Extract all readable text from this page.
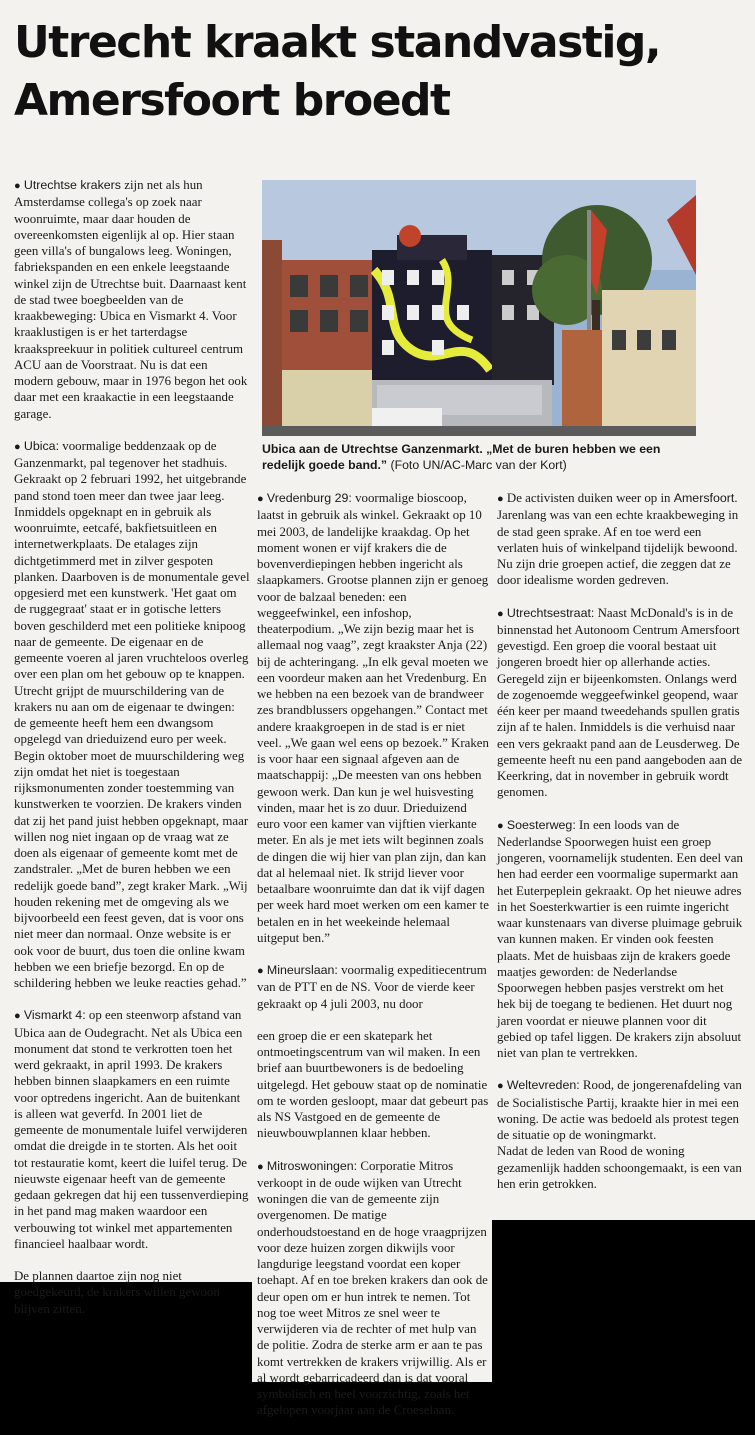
Utrecht kraakt standvastig,
Amersfoort broedt
Ubica aan de Utrechtse Ganzenmarkt. „Met de buren hebben we een redelijk goede band.” (Foto UN/AC-Marc van der Kort)

● Utrechtse krakers zijn net als hun Amsterdamse collega's op zoek naar woonruimte, maar daar houden de overeenkomsten eigenlijk al op. Hier staan geen villa's of bungalows leeg. Woningen, fabriekspanden en een enkele leegstaande winkel zijn de Utrechtse buit. Daarnaast kent de stad twee boegbeelden van de kraakbeweging: Ubica en Vismarkt 4. Voor kraaklustigen is er het tarterdagse kraakspreekuur in politiek cultureel centrum ACU aan de Voorstraat. Nu is dat een modern gebouw, maar in 1976 begon het ook daar met een kraakactie in een leegstaande garage.

● Ubica: voormalige beddenzaak op de Ganzenmarkt, pal tegenover het stadhuis. Gekraakt op 2 februari 1992, het uitgebrande pand stond toen meer dan twee jaar leeg. Inmiddels opgeknapt en in gebruik als woonruimte, eetcafé, bakfietsuitleen en internetwerkplaats. De etalages zijn dichtgetimmerd met in zilver gespoten planken. Daarboven is de monumentale gevel opgesierd met een kunstwerk. 'Het gaat om de ruggegraat' staat er in gotische letters boven geschilderd met een politieke knipoog naar de gemeente. De eigenaar en de gemeente voeren al jaren vruchteloos overleg over een plan om het gebouw op te knappen. Utrecht grijpt de muurschildering van de krakers nu aan om de eigenaar te dwingen: de gemeente heeft hem een dwangsom opgelegd van drieduizend euro per week. Begin oktober moet de muurschildering weg zijn omdat het niet is toegestaan rijksmonumenten zonder toestemming van kunstwerken te voorzien. De krakers vinden dat zij het pand juist hebben opgeknapt, maar willen nog niet ingaan op de vraag wat ze doen als eigenaar of gemeente komt met de zandstraler. „Met de buren hebben we een redelijk goede band”, zegt kraker Mark. „Wij houden rekening met de omgeving als we bijvoorbeeld een feest geven, dat is voor ons niet meer dan normaal. Onze website is er ook voor de buurt, dus toen die online kwam hebben we een briefje bezorgd. En op de schildering hebben we leuke reacties gehad.”

● Vismarkt 4: op een steenworp afstand van Ubica aan de Oudegracht. Net als Ubica een monument dat stond te verkrotten toen het werd gekraakt, in april 1993. De krakers hebben binnen slaapkamers en een ruimte voor optredens ingericht. Aan de buitenkant is alleen wat geverfd. In 2001 liet de gemeente de monumentale luifel verwijderen omdat die dreigde in te storten. Als het ooit tot restauratie komt, keert die luifel terug. De nieuwste eigenaar heeft van de gemeente gedaan gekregen dat hij een tussenverdieping in het pand mag maken waardoor een verbouwing tot winkel met appartementen financieel haalbaar wordt.

De plannen daartoe zijn nog niet goedgekeurd, de krakers willen gewoon blijven zitten.

● Vredenburg 29: voormalige bioscoop, laatst in gebruik als winkel. Gekraakt op 10 mei 2003, de landelijke kraakdag. Op het moment wonen er vijf krakers die de bovenverdiepingen hebben ingericht als slaapkamers. Grootse plannen zijn er genoeg voor de balzaal beneden: een weggeefwinkel, een infoshop, theaterpodium. „We zijn bezig maar het is allemaal nog vaag”, zegt kraakster Anja (22) bij de achteringang. „In elk geval moeten we een voordeur maken aan het Vredenburg. En we hebben na een bezoek van de brandweer zes brandblussers opgehangen.” Contact met andere kraakgroepen in de stad is er niet veel. „We gaan wel eens op bezoek.” Kraken is voor haar een signaal afgeven aan de maatschappij: „De meesten van ons hebben gewoon werk. Dan kun je wel huisvesting vinden, maar het is zo duur. Drieduizend euro voor een kamer van vijftien vierkante meter. En als je met iets wilt beginnen zoals de dingen die wij hier van plan zijn, dan kan dat al helemaal niet. Ik strijd liever voor betaalbare woonruimte dan dat ik vijf dagen per week hard moet werken om een kamer te betalen en in het weekeinde helemaal uitgeput ben.”

● Mineurslaan: voormalig expeditiecentrum van de PTT en de NS. Voor de vierde keer gekraakt op 4 juli 2003, nu door

een groep die er een skatepark het ontmoetingscentrum van wil maken. In een brief aan buurtbewoners is de bedoeling uitgelegd. Het gebouw staat op de nominatie om te worden gesloopt, maar dat gebeurt pas als NS Vastgoed en de gemeente de nieuwbouwplannen klaar hebben.

● Mitroswoningen: Corporatie Mitros verkoopt in de oude wijken van Utrecht woningen die van de gemeente zijn overgenomen. De matige onderhoudstoestand en de hoge vraagprijzen voor deze huizen zorgen dikwijls voor langdurige leegstand voordat een koper toehapt. Af en toe breken krakers dan ook de deur open om er hun intrek te nemen. Tot nog toe weet Mitros ze snel weer te verwijderen via de rechter of met hulp van de politie. Zodra de sterke arm er aan te pas komt vertrekken de krakers vrijwillig. Als er al wordt gebarricadeerd dan is dat vooral symbolisch en heel voorzichtig, zoals het afgelopen voorjaar aan de Croeselaan.

● De activisten duiken weer op in Amersfoort. Jarenlang was van een echte kraakbeweging in de stad geen sprake. Af en toe werd een verlaten huis of winkelpand tijdelijk bewoond. Nu zijn drie groepen actief, die zeggen dat ze door idealisme worden gedreven.

● Utrechtsestraat: Naast McDonald's is in de binnenstad het Autonoom Centrum Amersfoort gevestigd. Een groep die vooral bestaat uit jongeren broedt hier op allerhande acties. Geregeld zijn er bijeenkomsten. Onlangs werd de zogenoemde weggeefwinkel geopend, waar één keer per maand tweedehands spullen gratis zijn af te halen. Inmiddels is die verhuisd naar een vers gekraakt pand aan de Leusderweg. De gemeente heeft nu een pand aangeboden aan de Keerkring, dat in november in gebruik wordt genomen.

● Soesterweg: In een loods van de Nederlandse Spoorwegen huist een groep jongeren, voornamelijk studenten. Een deel van hen had eerder een voormalige supermarkt aan het Euterpeplein gekraakt. Op het nieuwe adres in het Soesterkwartier is een ruimte ingericht waar kunstenaars van diverse pluimage gebruik van kunnen maken. Er vinden ook feesten plaats. Met de huisbaas zijn de krakers goede maatjes geworden: de Nederlandse Spoorwegen hebben pasjes verstrekt om het hek bij de toegang te bedienen. Het duurt nog jaren voordat er nieuwe plannen voor dit gebied op tafel liggen. De krakers zijn absoluut niet van plan te vertrekken.

● Weltevreden: Rood, de jongerenafdeling van de Socialistische Partij, kraakte hier in mei een woning. De actie was bedoeld als protest tegen de situatie op de woningmarkt.
Nadat de leden van Rood de woning gezamenlijk hadden schoongemaakt, is een van hen erin getrokken.
